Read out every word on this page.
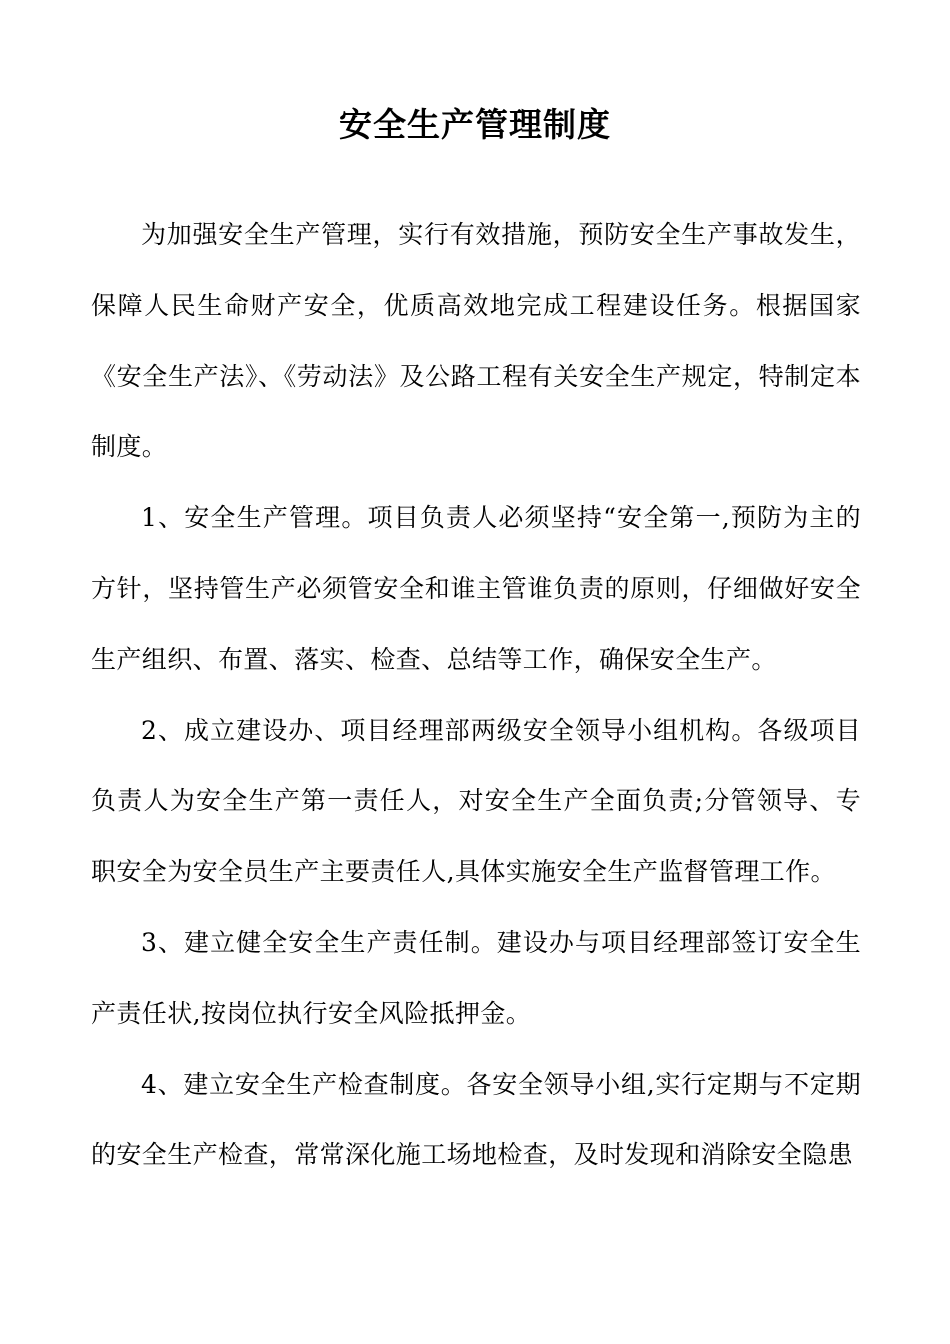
安全生产管理制度

为加强安全生产管理，实行有效措施，预防安全生产事故发生，保障人民生命财产安全，优质高效地完成工程建设任务。根据国家《安全生产法》、《劳动法》及公路工程有关安全生产规定，特制定本制度。

1、安全生产管理。项目负责人必须坚持“安全第一,预防为主的方针，坚持管生产必须管安全和谁主管谁负责的原则，仔细做好安全生产组织、布置、落实、检查、总结等工作，确保安全生产。

2、成立建设办、项目经理部两级安全领导小组机构。各级项目负责人为安全生产第一责任人，对安全生产全面负责;分管领导、专职安全为安全员生产主要责任人,具体实施安全生产监督管理工作。

3、建立健全安全生产责任制。建设办与项目经理部签订安全生产责任状,按岗位执行安全风险抵押金。

4、建立安全生产检查制度。各安全领导小组,实行定期与不定期的安全生产检查，常常深化施工场地检查，及时发现和消除安全隐患
